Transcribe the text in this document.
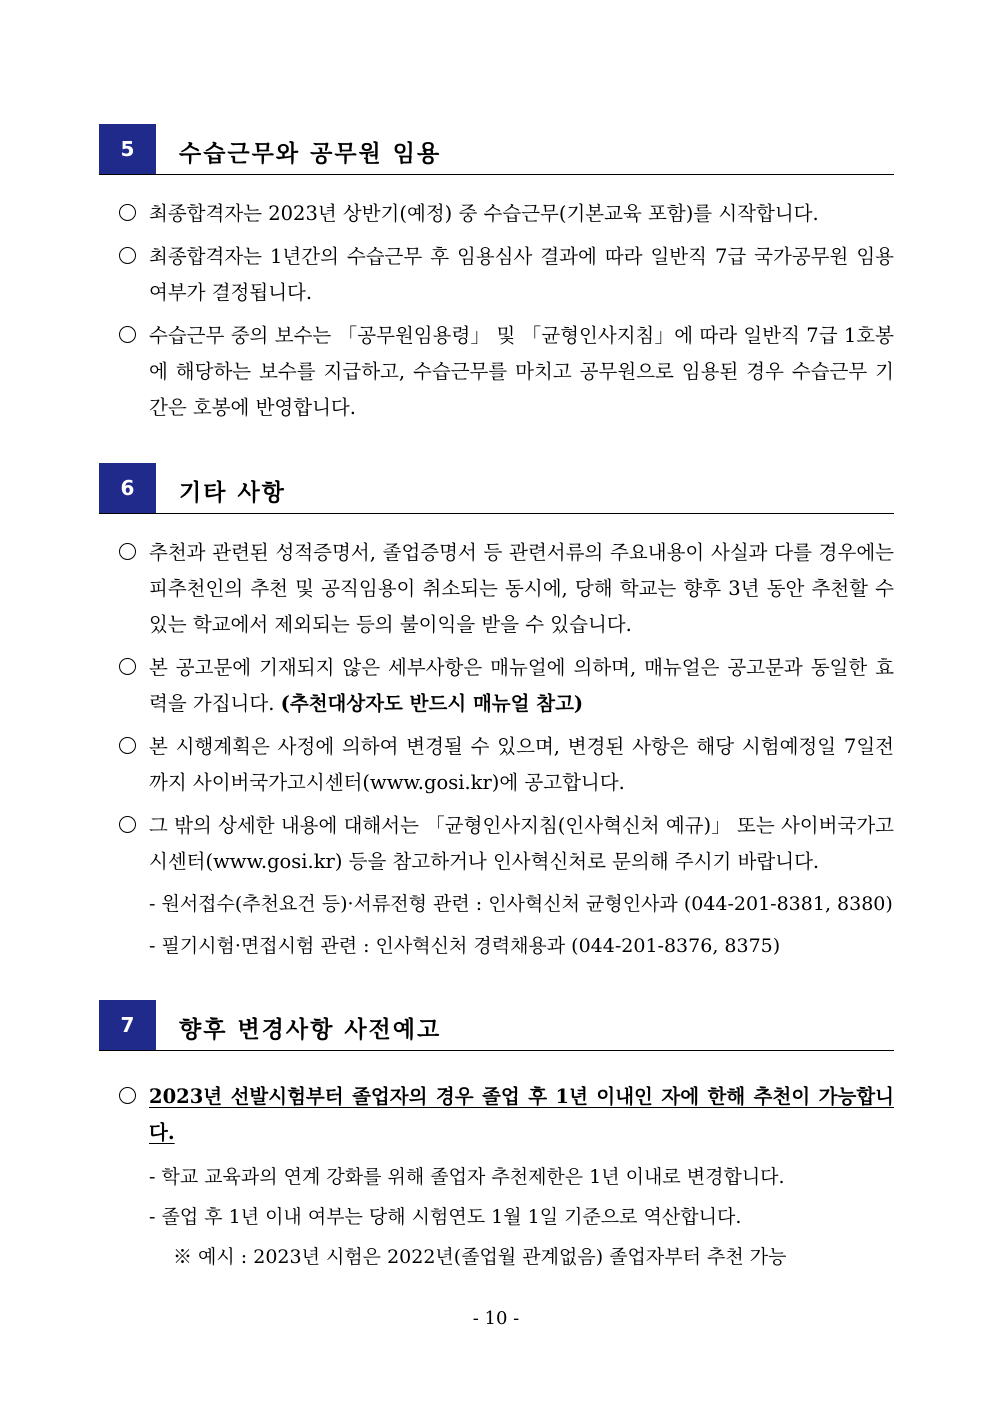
5	수습근무와 공무원 임용
최종합격자는 2023년 상반기(예정) 중 수습근무(기본교육 포함)를 시작합니다.
최종합격자는 1년간의 수습근무 후 임용심사 결과에 따라 일반직 7급 국가공무원 임용 여부가 결정됩니다.
수습근무 중의 보수는 「공무원임용령」 및 「균형인사지침」에 따라 일반직 7급 1호봉에 해당하는 보수를 지급하고, 수습근무를 마치고 공무원으로 임용된 경우 수습근무 기간은 호봉에 반영합니다.
6	기타 사항
추천과 관련된 성적증명서, 졸업증명서 등 관련서류의 주요내용이 사실과 다를 경우에는 피추천인의 추천 및 공직임용이 취소되는 동시에, 당해 학교는 향후 3년 동안 추천할 수 있는 학교에서 제외되는 등의 불이익을 받을 수 있습니다.
본 공고문에 기재되지 않은 세부사항은 매뉴얼에 의하며, 매뉴얼은 공고문과 동일한 효력을 가집니다. (추천대상자도 반드시 매뉴얼 참고)
본 시행계획은 사정에 의하여 변경될 수 있으며, 변경된 사항은 해당 시험예정일 7일전까지 사이버국가고시센터(www.gosi.kr)에 공고합니다.
그 밖의 상세한 내용에 대해서는 「균형인사지침(인사혁신처 예규)」 또는 사이버국가고시센터(www.gosi.kr) 등을 참고하거나 인사혁신처로 문의해 주시기 바랍니다.
- 원서접수(추천요건 등)·서류전형 관련 : 인사혁신처 균형인사과 (044-201-8381, 8380)
- 필기시험·면접시험 관련 : 인사혁신처 경력채용과 (044-201-8376, 8375)
7	향후 변경사항 사전예고
2023년 선발시험부터 졸업자의 경우 졸업 후 1년 이내인 자에 한해 추천이 가능합니다.
- 학교 교육과의 연계 강화를 위해 졸업자 추천제한은 1년 이내로 변경합니다.
- 졸업 후 1년 이내 여부는 당해 시험연도 1월 1일 기준으로 역산합니다.
※ 예시 : 2023년 시험은 2022년(졸업월 관계없음) 졸업자부터 추천 가능
- 10 -
